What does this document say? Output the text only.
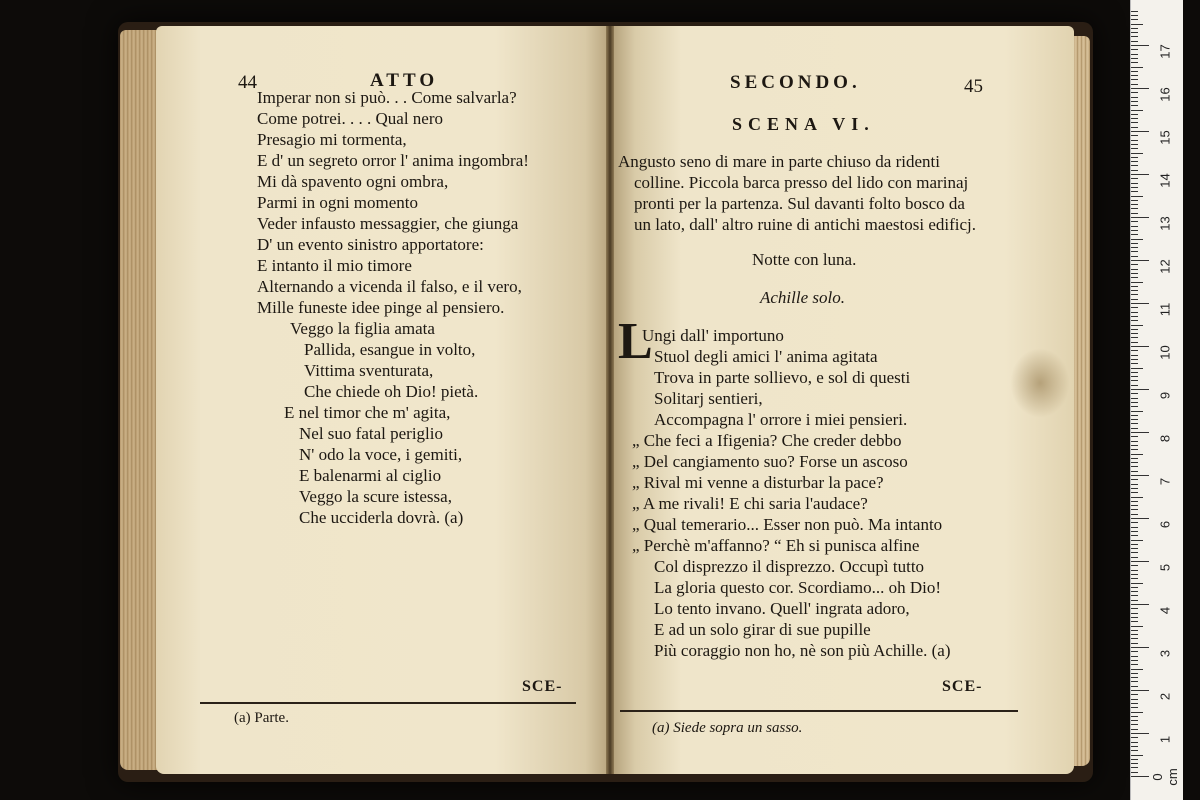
44	ATTO
Imperar non si può. . . Come salvarla?
Come potrei. . . . Qual nero
Presagio mi tormenta,
E d' un segreto orror l' anima ingombra!
Mi dà spavento ogni ombra,
Parmi in ogni momento
Veder infausto messaggier, che giunga
D' un evento sinistro apportatore:
E intanto il mio timore
Alternando a vicenda il falso, e il vero,
Mille funeste idee pinge al pensiero.
Veggo la figlia amata
Pallida, esangue in volto,
Vittima sventurata,
Che chiede oh Dio! pietà.
E nel timor che m' agita,
Nel suo fatal periglio
N' odo la voce, i gemiti,
E balenarmi al ciglio
Veggo la scure istessa,
Che ucciderla dovrà. (a)
SCE-
(a) Parte.
SECONDO.	45
SCENA VI.
Angusto seno di mare in parte chiuso da ridenti
colline. Piccola barca presso del lido con marinaj
pronti per la partenza. Sul davanti folto bosco da
un lato, dall' altro ruine di antichi maestosi edificj.
Notte con luna.
Achille solo.
L
Ungi dall' importuno
Stuol degli amici l' anima agitata
Trova in parte sollievo, e sol di questi
Solitarj sentieri,
Accompagna l' orrore i miei pensieri.
„ Che feci a Ifigenia? Che creder debbo
„ Del cangiamento suo? Forse un ascoso
„ Rival mi venne a disturbar la pace?
„ A me rivali! E chi saria l'audace?
„ Qual temerario... Esser non può. Ma intanto
„ Perchè m'affanno? “ Eh si punisca alfine
Col disprezzo il disprezzo. Occupì tutto
La gloria questo cor. Scordiamo... oh Dio!
Lo tento invano. Quell' ingrata adoro,
E ad un solo girar di sue pupille
Più coraggio non ho, nè son più Achille. (a)
SCE-
(a) Siede sopra un sasso.
0 cm
1
2
3
4
5
6
7
8
9
10
11
12
13
14
15
16
17
